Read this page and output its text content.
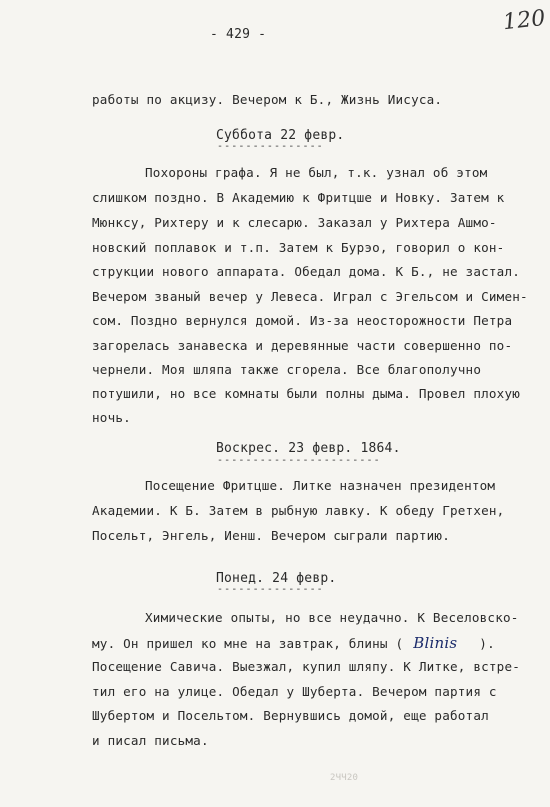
- 429 -	120
работы по акцизу. Вечером к Б., Жизнь Иисуса.
Суббота 22 февр.
---------------
Похороны графа. Я не был, т.к. узнал об этом
слишком поздно. В Академию к Фритцше и Новку. Затем к
Мюнксу, Рихтеру и к слесарю. Заказал у Рихтера Ашмо-
новский поплавок и т.п. Затем к Бурэо, говорил о кон-
струкции нового аппарата. Обедал дома. К Б., не застал.
Вечером званый вечер у Левеса. Играл с Эгельсом и Симен-
сом. Поздно вернулся домой. Из-за неосторожности Петра
загорелась занавеска и деревянные части совершенно по-
чернели. Моя шляпа также сгорела. Все благополучно
потушили, но все комнаты были полны дыма. Провел плохую
ночь.
Воскрес. 23 февр. 1864.
-----------------------
Посещение Фритцше. Литке назначен президентом
Академии. К Б. Затем в рыбную лавку. К обеду Гретхен,
Посельт, Энгель, Иенш. Вечером сыграли партию.
Понед. 24 февр.
---------------
Химические опыты, но все неудачно. К Веселовско-
му. Он пришел ко мне на завтрак, блины ( Blinis ).
Посещение Савича. Выезжал, купил шляпу. К Литке, встре-
тил его на улице. Обедал у Шуберта. Вечером партия с
Шубертом и Посельтом. Вернувшись домой, еще работал
и писал письма.
2ЧЧ20
